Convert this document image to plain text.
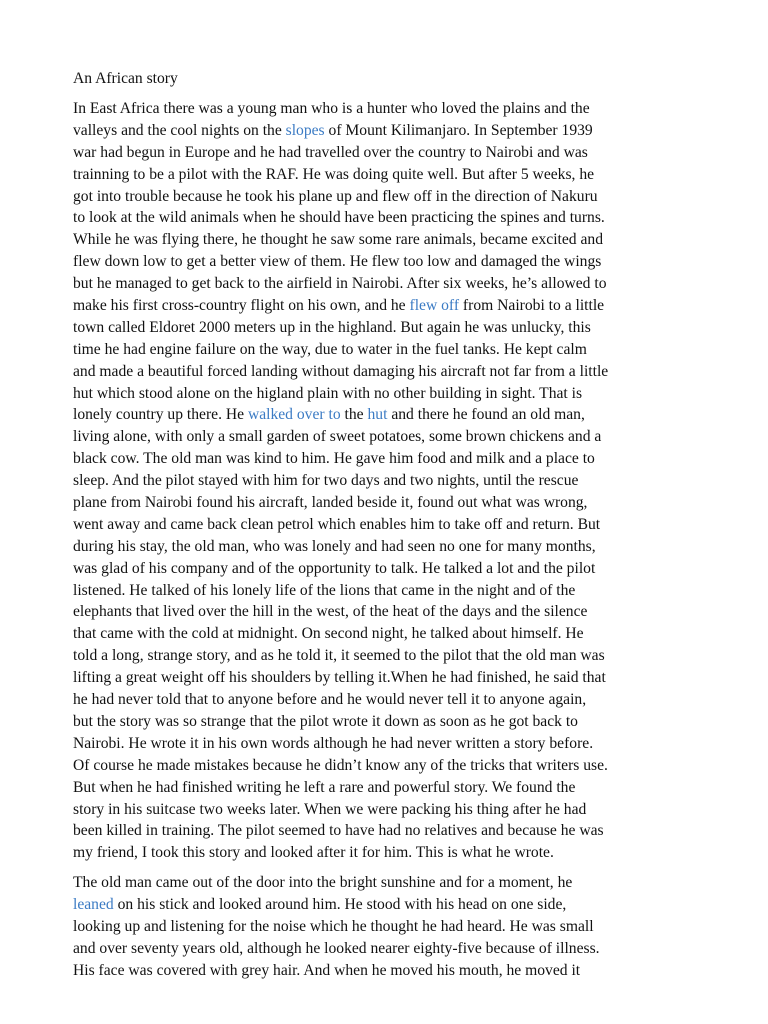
An African story

In East Africa there was a young man who is a hunter who loved the plains and the
valleys and the cool nights on the slopes of Mount Kilimanjaro. In September 1939
war had begun in Europe and he had travelled over the country to Nairobi and was
trainning to be a pilot with the RAF. He was doing quite well. But after 5 weeks, he
got into trouble because he took his plane up and flew off in the direction of Nakuru
to look at the wild animals when he should have been practicing the spines and turns.
While he was flying there, he thought he saw some rare animals, became excited and
flew down low to get a better view of them. He flew too low and damaged the wings
but he managed to get back to the airfield in Nairobi. After six weeks, he’s allowed to
make his first cross-country flight on his own, and he flew off from Nairobi to a little
town called Eldoret 2000 meters up in the highland. But again he was unlucky, this
time he had engine failure on the way, due to water in the fuel tanks. He kept calm
and made a beautiful forced landing without damaging his aircraft not far from a little
hut which stood alone on the higland plain with no other building in sight. That is
lonely country up there. He walked over to the hut and there he found an old man,
living alone, with only a small garden of sweet potatoes, some brown chickens and a
black cow. The old man was kind to him. He gave him food and milk and a place to
sleep. And the pilot stayed with him for two days and two nights, until the rescue
plane from Nairobi found his aircraft, landed beside it, found out what was wrong,
went away and came back clean petrol which enables him to take off and return. But
during his stay, the old man, who was lonely and had seen no one for many months,
was glad of his company and of the opportunity to talk. He talked a lot and the pilot
listened. He talked of his lonely life of the lions that came in the night and of the
elephants that lived over the hill in the west, of the heat of the days and the silence
that came with the cold at midnight. On second night, he talked about himself. He
told a long, strange story, and as he told it, it seemed to the pilot that the old man was
lifting a great weight off his shoulders by telling it.When he had finished, he said that
he had never told that to anyone before and he would never tell it to anyone again,
but the story was so strange that the pilot wrote it down as soon as he got back to
Nairobi. He wrote it in his own words although he had never written a story before.
Of course he made mistakes because he didn’t know any of the tricks that writers use.
But when he had finished writing he left a rare and powerful story. We found the
story in his suitcase two weeks later. When we were packing his thing after he had
been killed in training. The pilot seemed to have had no relatives and because he was
my friend, I took this story and looked after it for him. This is what he wrote.

The old man came out of the door into the bright sunshine and for a moment, he
leaned on his stick and looked around him. He stood with his head on one side,
looking up and listening for the noise which he thought he had heard. He was small
and over seventy years old, although he looked nearer eighty-five because of illness.
His face was covered with grey hair. And when he moved his mouth, he moved it
